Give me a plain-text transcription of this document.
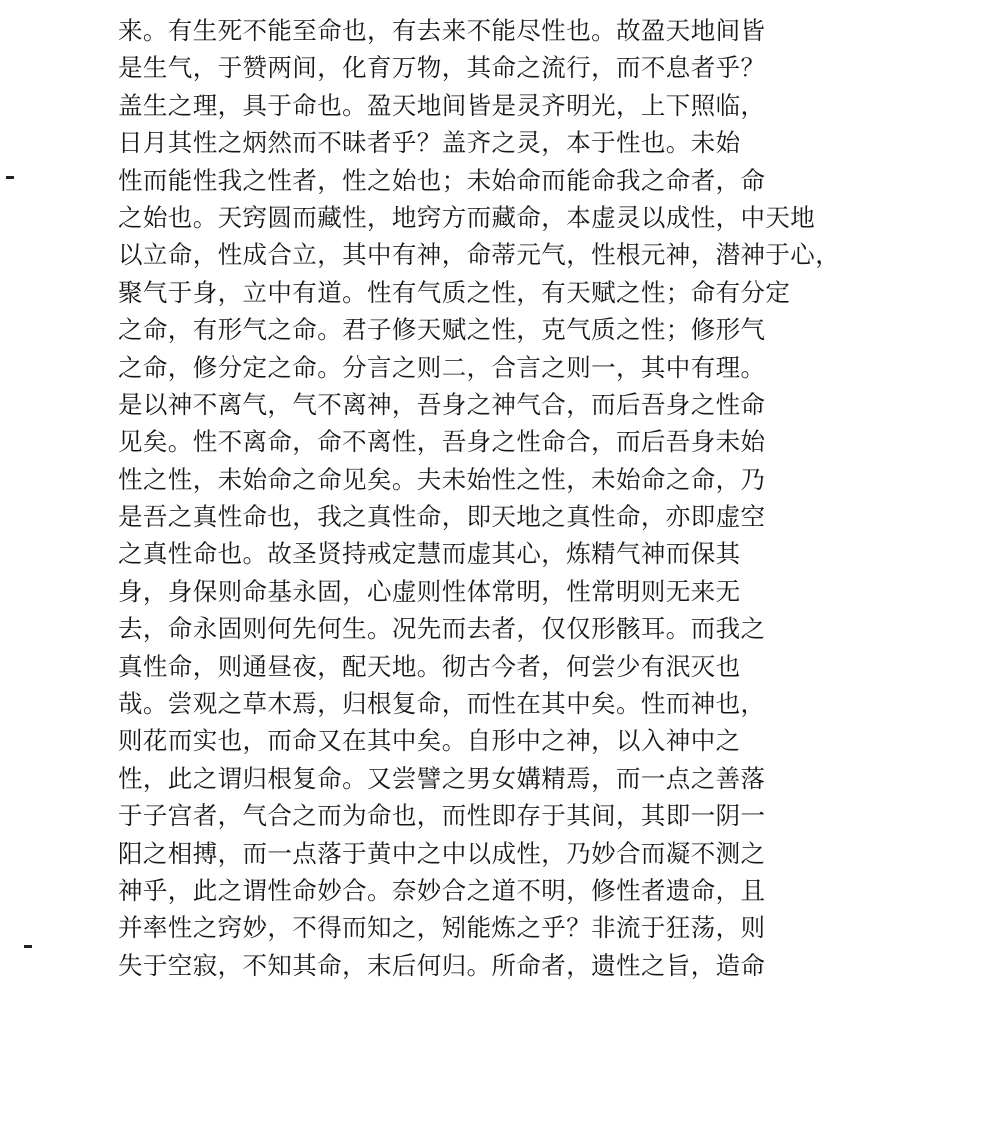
来。有生死不能至命也，有去来不能尽性也。故盈天地间皆
是生气，于赞两间，化育万物，其命之流行，而不息者乎？
盖生之理，具于命也。盈天地间皆是灵齐明光，上下照临，
日月其性之炳然而不昧者乎？盖齐之灵，本于性也。未始
性而能性我之性者，性之始也；未始命而能命我之命者，命
之始也。天窍圆而藏性，地窍方而藏命，本虚灵以成性，中天地
以立命，性成合立，其中有神，命蒂元气，性根元神，潜神于心，
聚气于身，立中有道。性有气质之性，有天赋之性；命有分定
之命，有形气之命。君子修天赋之性，克气质之性；修形气
之命，修分定之命。分言之则二，合言之则一，其中有理。
是以神不离气，气不离神，吾身之神气合，而后吾身之性命
见矣。性不离命，命不离性，吾身之性命合，而后吾身未始
性之性，未始命之命见矣。夫未始性之性，未始命之命，乃
是吾之真性命也，我之真性命，即天地之真性命，亦即虚空
之真性命也。故圣贤持戒定慧而虚其心，炼精气神而保其
身，身保则命基永固，心虚则性体常明，性常明则无来无
去，命永固则何先何生。况先而去者，仅仅形骸耳。而我之
真性命，则通昼夜，配天地。彻古今者，何尝少有泯灭也
哉。尝观之草木焉，归根复命，而性在其中矣。性而神也，
则花而实也，而命又在其中矣。自形中之神，以入神中之
性，此之谓归根复命。又尝譬之男女媾精焉，而一点之善落
于子宫者，气合之而为命也，而性即存于其间，其即一阴一
阳之相搏，而一点落于黄中之中以成性，乃妙合而凝不测之
神乎，此之谓性命妙合。奈妙合之道不明，修性者遗命，且
并率性之窍妙，不得而知之，矧能炼之乎？非流于狂荡，则
失于空寂，不知其命，末后何归。所命者，遗性之旨，造命
